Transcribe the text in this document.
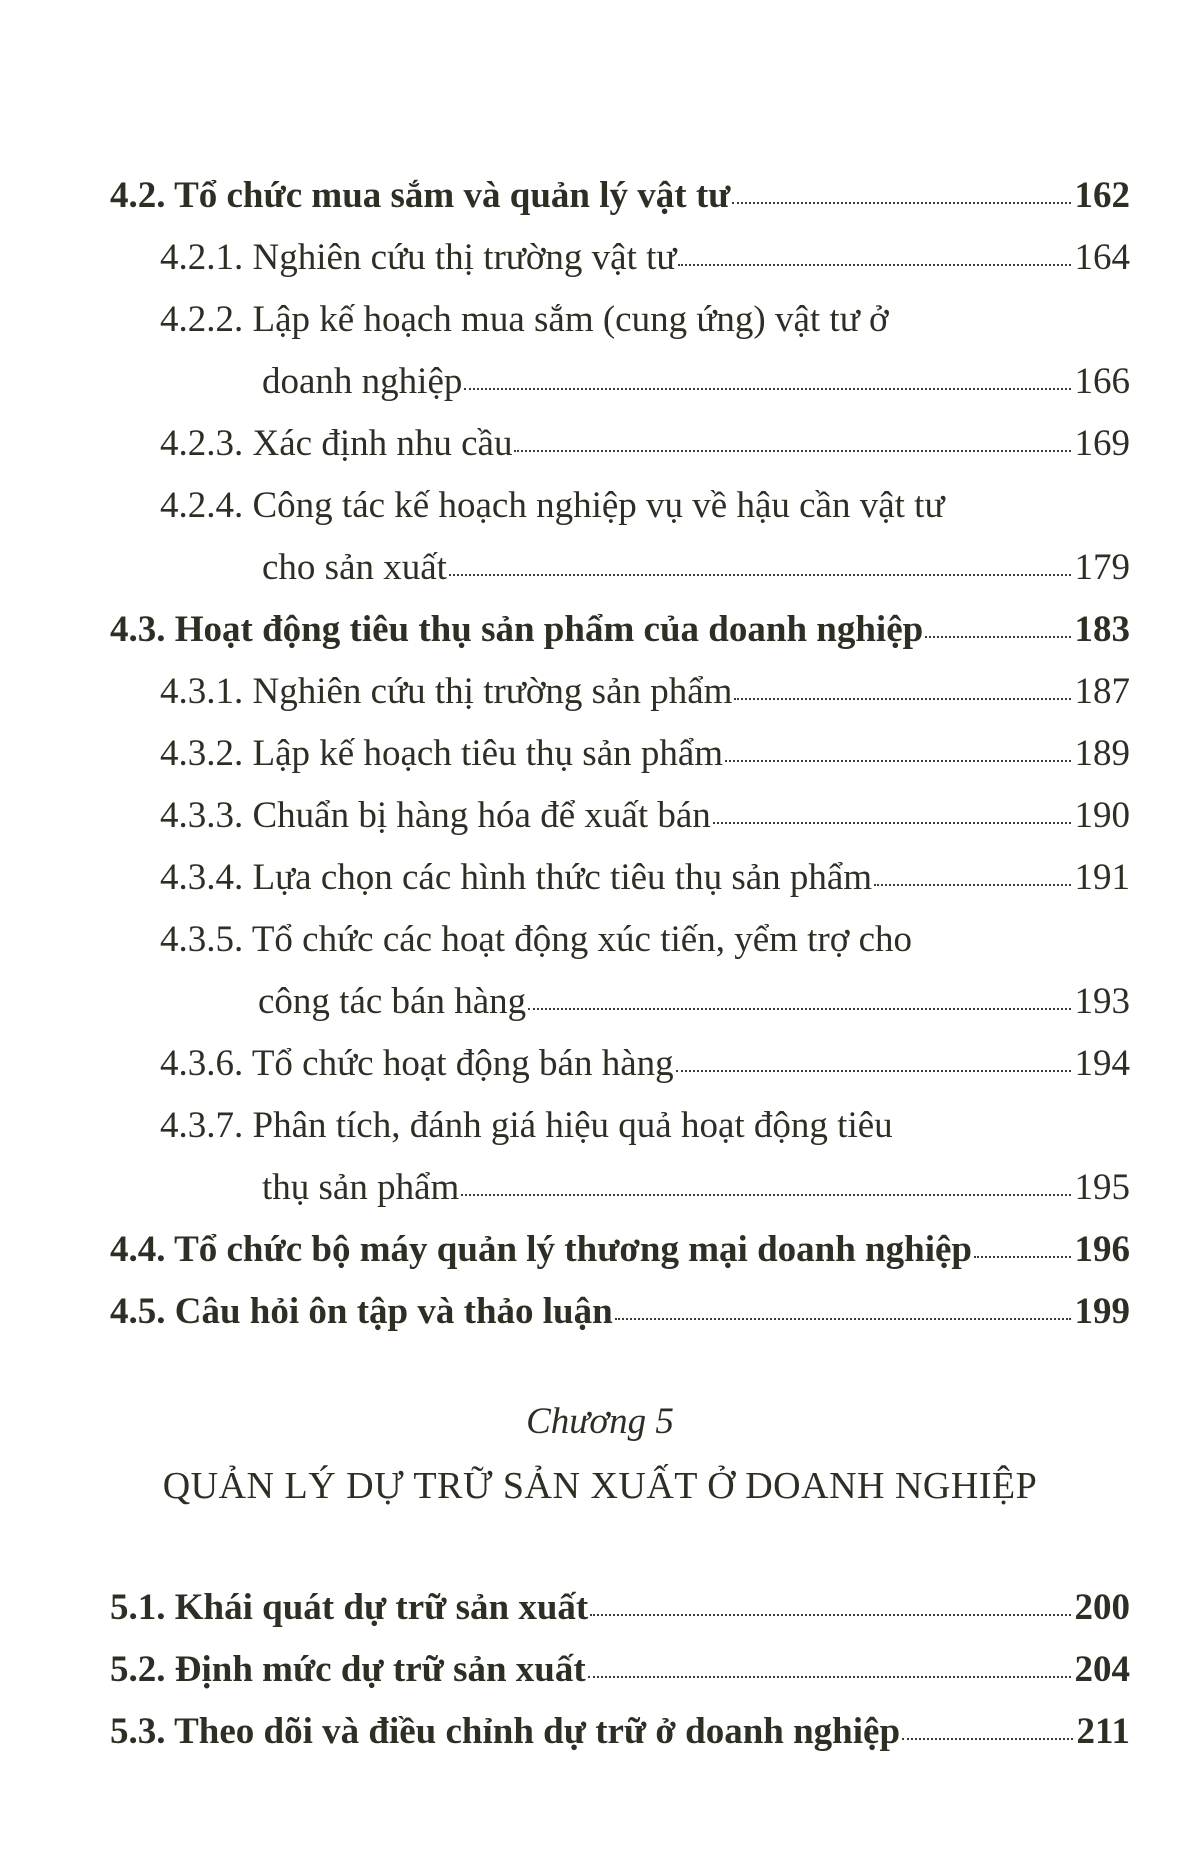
4.2. Tổ chức mua sắm và quản lý vật tư	162
4.2.1. Nghiên cứu thị trường vật tư	164
4.2.2. Lập kế hoạch mua sắm (cung ứng) vật tư ở
doanh nghiệp	166
4.2.3. Xác định nhu cầu	169
4.2.4. Công tác kế hoạch nghiệp vụ về hậu cần vật tư
cho sản xuất	179
4.3. Hoạt động tiêu thụ sản phẩm của doanh nghiệp	183
4.3.1. Nghiên cứu thị trường sản phẩm	187
4.3.2. Lập kế hoạch tiêu thụ sản phẩm	189
4.3.3. Chuẩn bị hàng hóa để xuất bán	190
4.3.4. Lựa chọn các hình thức tiêu thụ sản phẩm	191
4.3.5. Tổ chức các hoạt động xúc tiến, yểm trợ cho
công tác bán hàng	193
4.3.6. Tổ chức hoạt động bán hàng	194
4.3.7. Phân tích, đánh giá hiệu quả hoạt động tiêu
thụ sản phẩm	195
4.4. Tổ chức bộ máy quản lý thương mại doanh nghiệp	196
4.5. Câu hỏi ôn tập và thảo luận	199
Chương 5
QUẢN LÝ DỰ TRỮ SẢN XUẤT Ở DOANH NGHIỆP
5.1. Khái quát dự trữ sản xuất	200
5.2. Định mức dự trữ sản xuất	204
5.3. Theo dõi và điều chỉnh dự trữ ở doanh nghiệp	211
